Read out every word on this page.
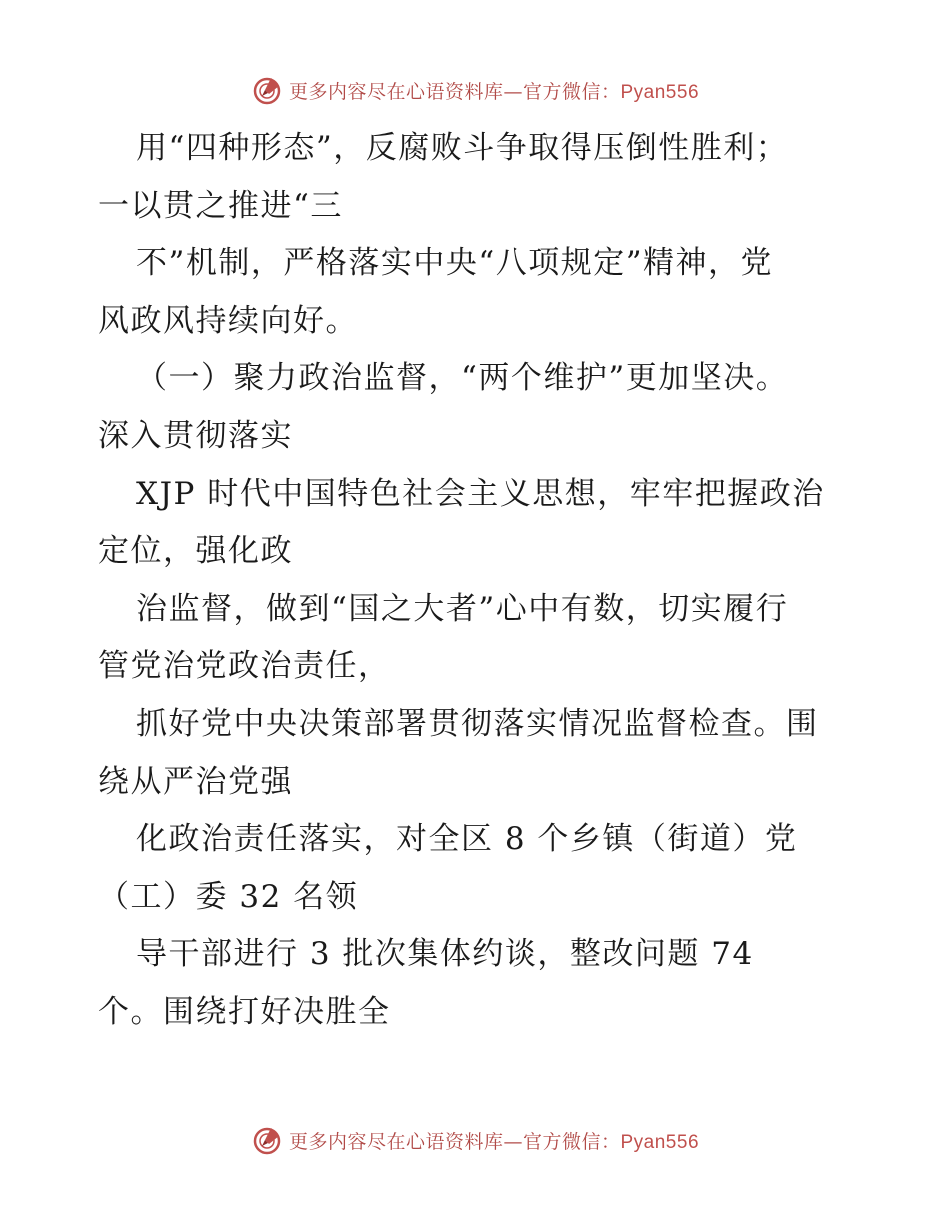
更多内容尽在心语资料库—官方微信：Pyan556
用“四种形态”，反腐败斗争取得压倒性胜利；
一以贯之推进“三
不”机制，严格落实中央“八项规定”精神，党
风政风持续向好。
（一）聚力政治监督，“两个维护”更加坚决。
深入贯彻落实
XJP 时代中国特色社会主义思想，牢牢把握政治
定位，强化政
治监督，做到“国之大者”心中有数，切实履行
管党治党政治责任，
抓好党中央决策部署贯彻落实情况监督检查。围
绕从严治党强
化政治责任落实，对全区 8 个乡镇（街道）党
（工）委 32 名领
导干部进行 3 批次集体约谈，整改问题 74
个。围绕打好决胜全
更多内容尽在心语资料库—官方微信：Pyan556
